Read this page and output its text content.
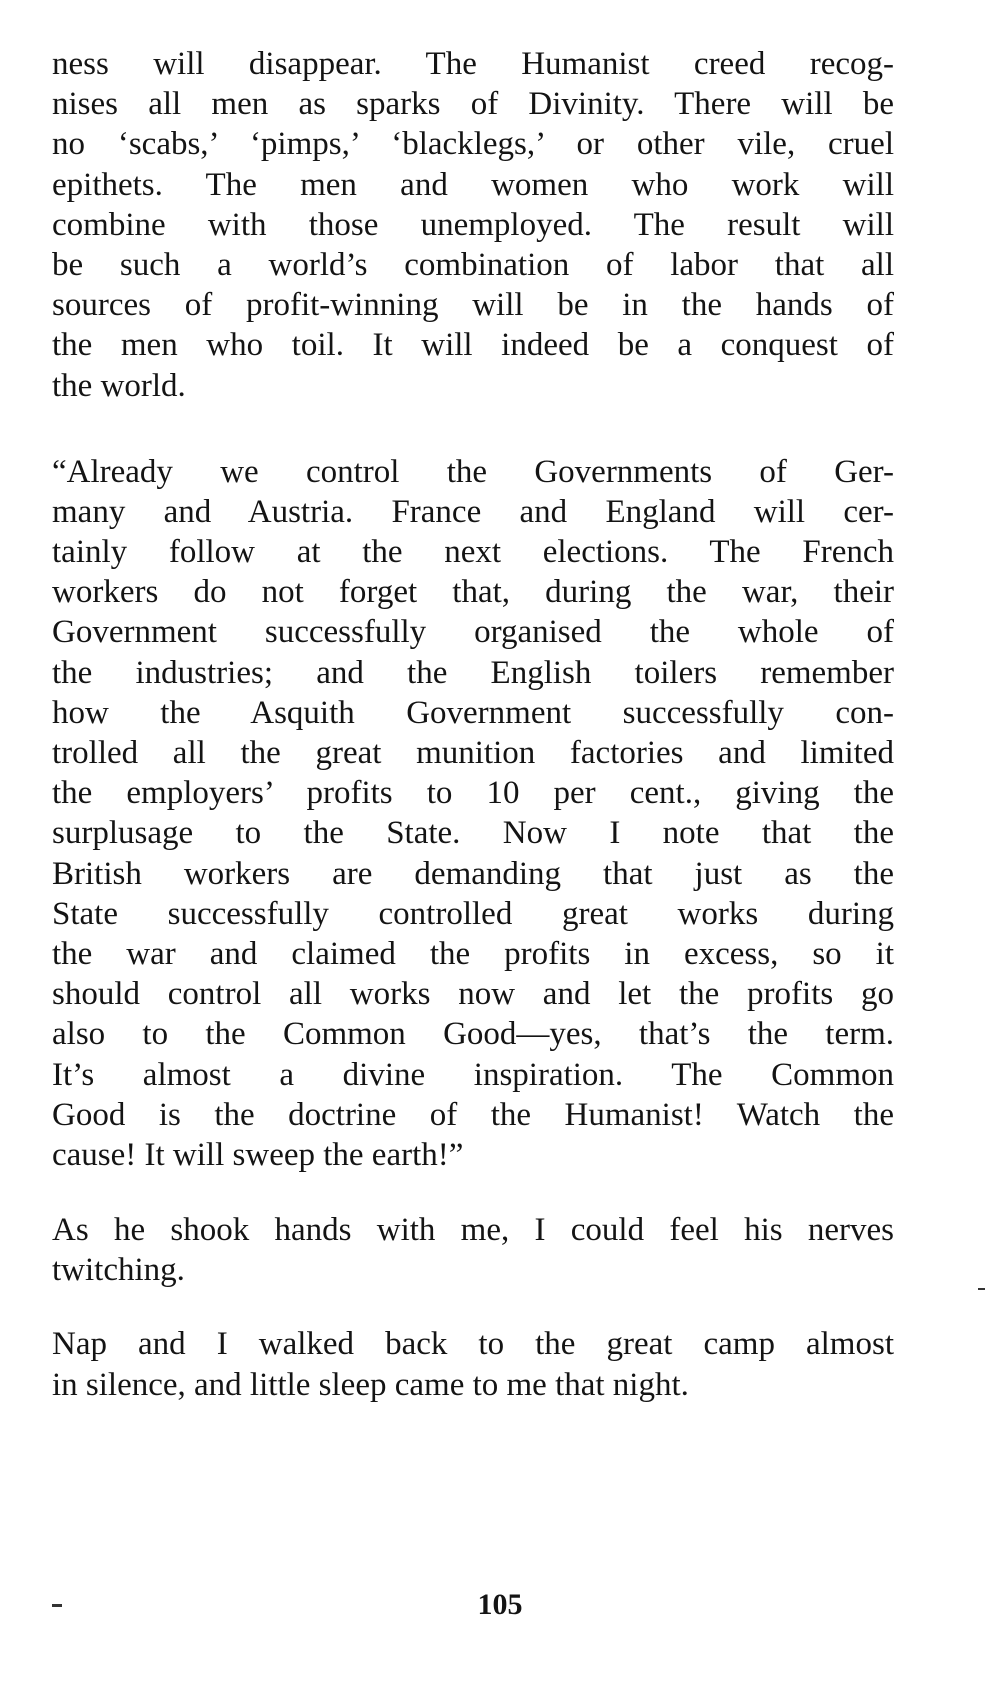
ness will disappear. The Humanist creed recog-
nises all men as sparks of Divinity. There will be
no ‘scabs,’ ‘pimps,’ ‘blacklegs,’ or other vile, cruel
epithets. The men and women who work will
combine with those unemployed. The result will
be such a world’s combination of labor that all
sources of profit-winning will be in the hands of
the men who toil. It will indeed be a conquest of
the world.
“Already we control the Governments of Ger-
many and Austria. France and England will cer-
tainly follow at the next elections. The French
workers do not forget that, during the war, their
Government successfully organised the whole of
the industries; and the English toilers remember
how the Asquith Government successfully con-
trolled all the great munition factories and limited
the employers’ profits to 10 per cent., giving the
surplusage to the State. Now I note that the
British workers are demanding that just as the
State successfully controlled great works during
the war and claimed the profits in excess, so it
should control all works now and let the profits go
also to the Common Good—yes, that’s the term.
It’s almost a divine inspiration. The Common
Good is the doctrine of the Humanist! Watch the
cause! It will sweep the earth!”
As he shook hands with me, I could feel his nerves
twitching.
Nap and I walked back to the great camp almost
in silence, and little sleep came to me that night.
105
